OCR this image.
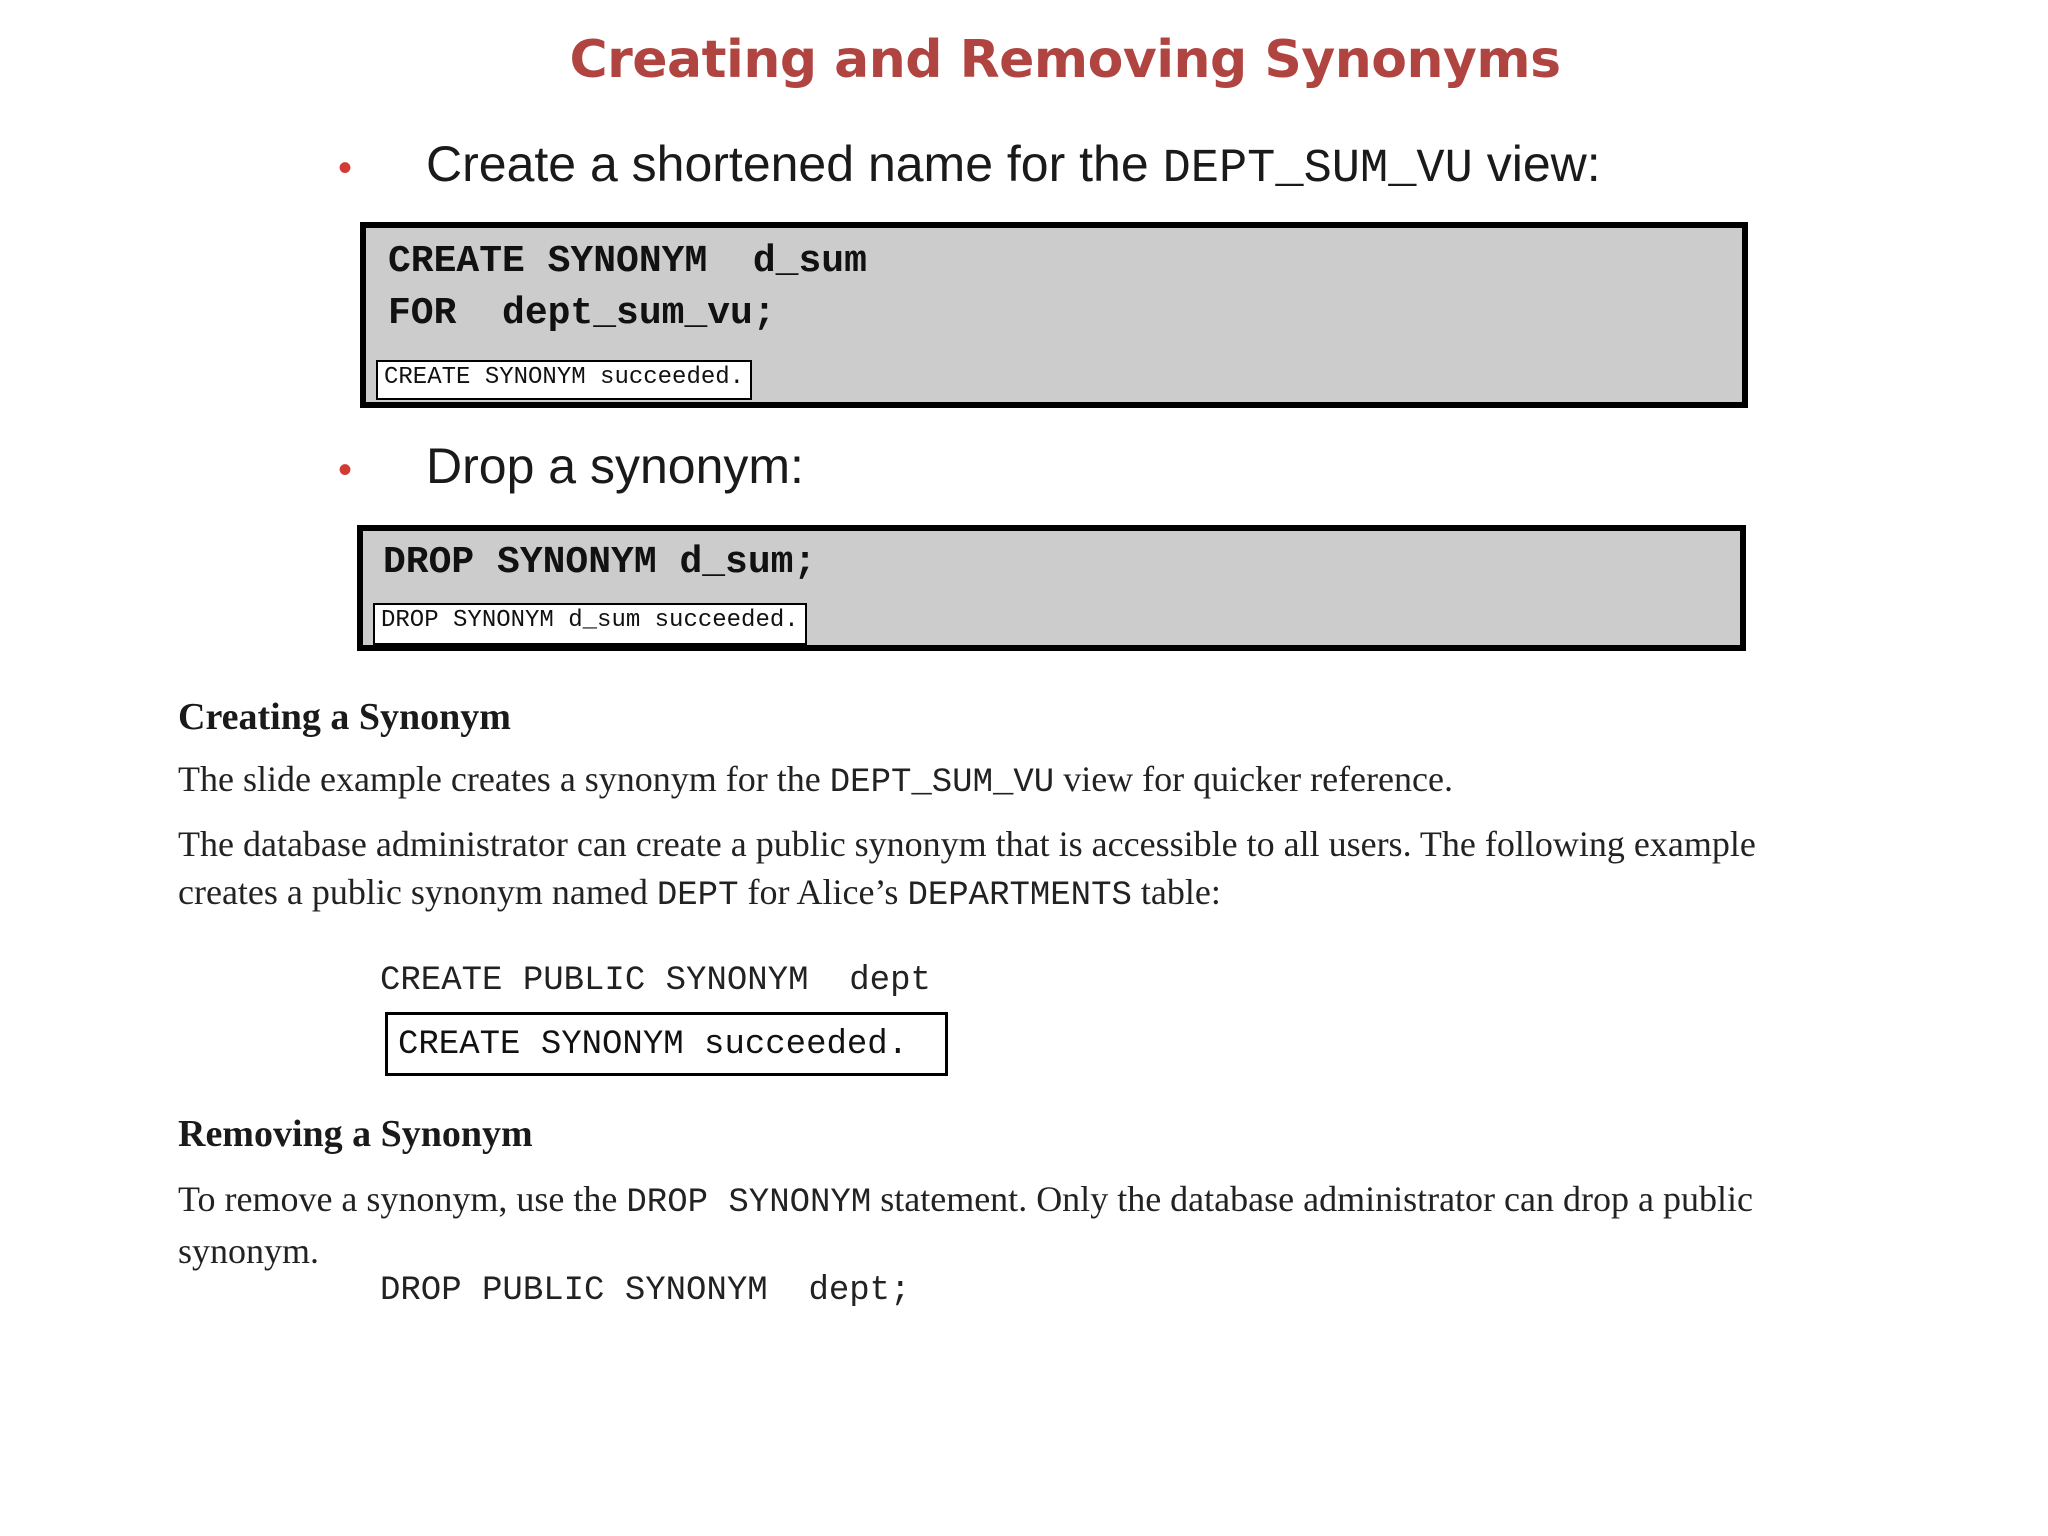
Creating and Removing Synonyms
•	Create a shortened name for the DEPT_SUM_VU view:
CREATE SYNONYM  d_sum
FOR  dept_sum_vu;
CREATE SYNONYM succeeded.
•	Drop a synonym:
DROP SYNONYM d_sum;
DROP SYNONYM d_sum succeeded.
Creating a Synonym
The slide example creates a synonym for the DEPT_SUM_VU view for quicker reference.
The database administrator can create a public synonym that is accessible to all users. The following example creates a public synonym named DEPT for Alice’s DEPARTMENTS table:
CREATE PUBLIC SYNONYM  dept
CREATE SYNONYM succeeded.
Removing a Synonym
To remove a synonym, use the DROP SYNONYM statement. Only the database administrator can drop a public synonym.
DROP PUBLIC SYNONYM  dept;
